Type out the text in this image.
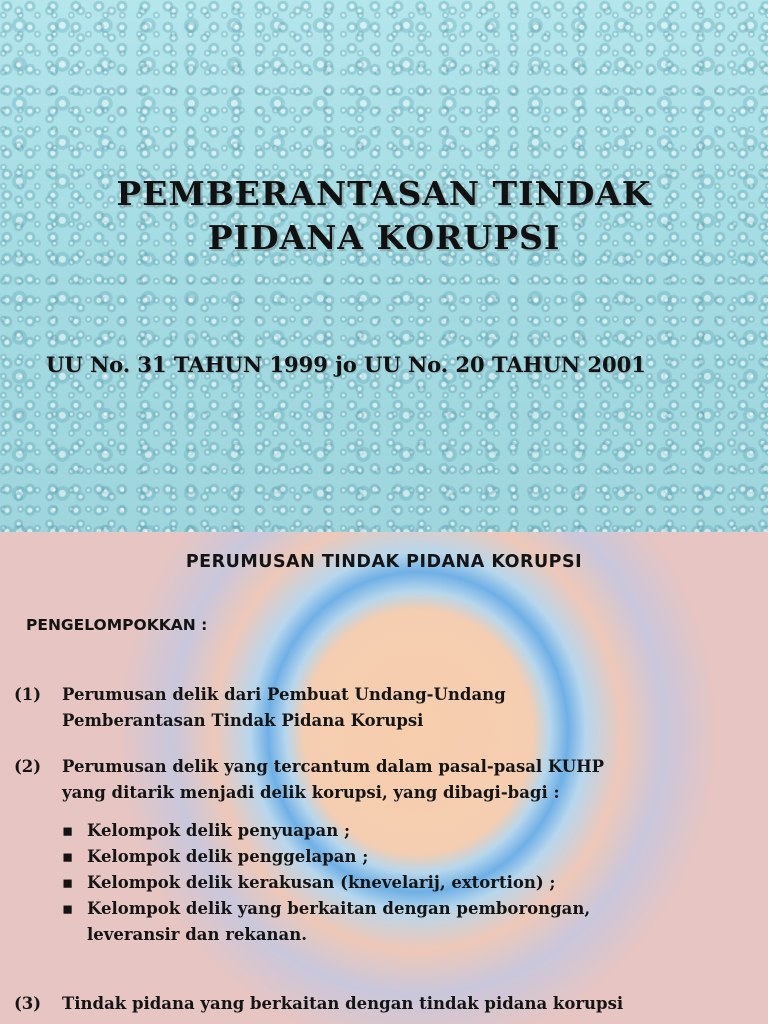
PEMBERANTASAN TINDAK
PIDANA KORUPSI
UU No. 31 TAHUN 1999 jo UU No. 20 TAHUN 2001
PERUMUSAN TINDAK PIDANA KORUPSI
PENGELOMPOKKAN :
(1)	Perumusan delik dari Pembuat Undang-Undang
Pemberantasan Tindak Pidana Korupsi
(2)	Perumusan delik yang tercantum dalam pasal-pasal KUHP
yang ditarik menjadi delik korupsi, yang dibagi-bagi :
▪ Kelompok delik penyuapan ;
▪ Kelompok delik penggelapan ;
▪ Kelompok delik kerakusan (knevelarij, extortion) ;
▪ Kelompok delik yang berkaitan dengan pemborongan,
leveransir dan rekanan.
(3)	Tindak pidana yang berkaitan dengan tindak pidana korupsi
